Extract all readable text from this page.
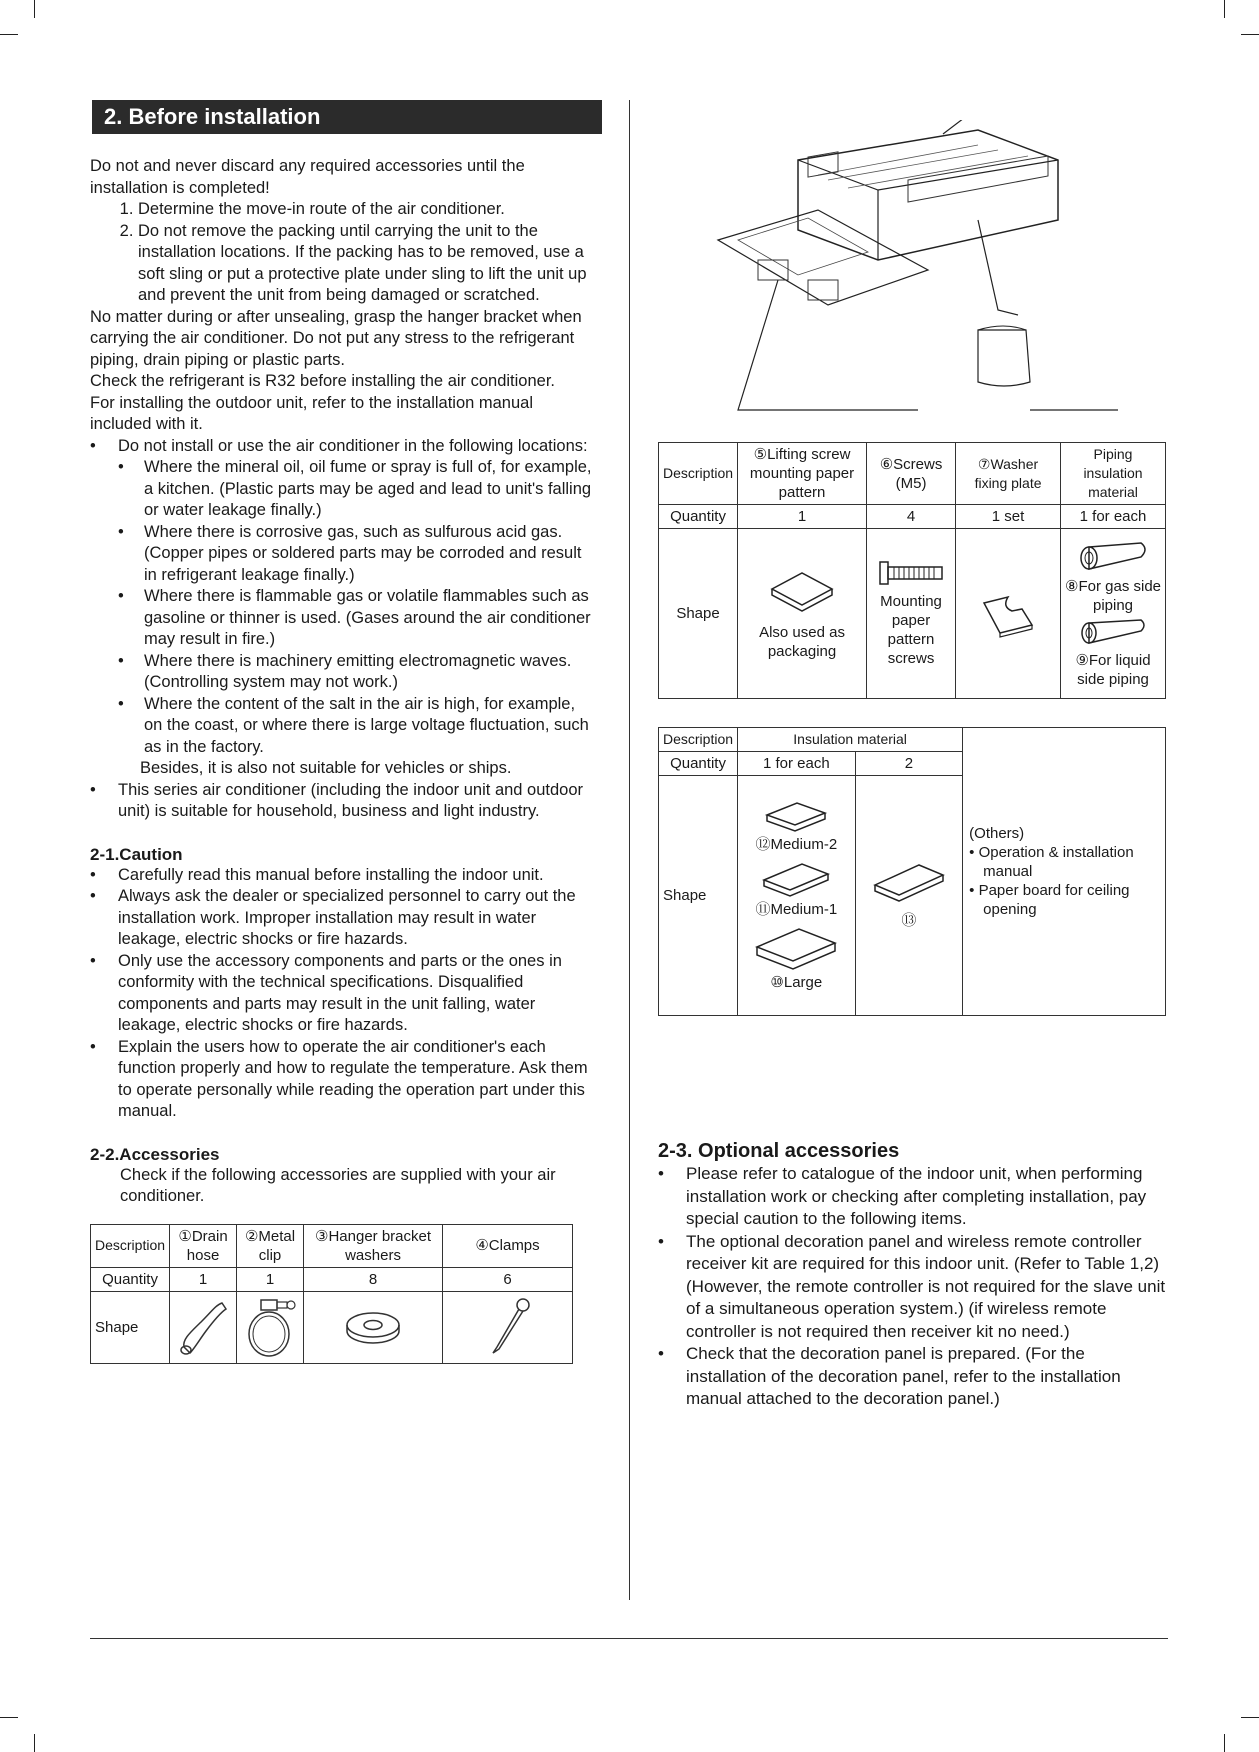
2. Before installation

Do not and never discard any required accessories until the installation is completed!

1. Determine the move-in route of the air conditioner.
2. Do not remove the packing until carrying the unit to the installation locations. If the packing has to be removed, use a soft sling or put a protective plate under sling to lift the unit up and prevent the unit from being damaged or scratched.

No matter during or after unsealing, grasp the hanger bracket when carrying the air conditioner. Do not put any stress to the refrigerant piping, drain piping or plastic parts.

Check the refrigerant is R32 before installing the air conditioner.

For installing the outdoor unit, refer to the installation manual included with it.

• Do not install or use the air conditioner in the following locations:
• Where the mineral oil, oil fume or spray is full of, for example, a kitchen. (Plastic parts may be aged and lead to unit's falling or water leakage finally.)
• Where there is corrosive gas, such as sulfurous acid gas. (Copper pipes or soldered parts may be corroded and result in refrigerant leakage finally.)
• Where there is flammable gas or volatile flammables such as gasoline or thinner is used. (Gases around the air conditioner may result in fire.)
• Where there is machinery emitting electromagnetic waves. (Controlling system may not work.)
• Where the content of the salt in the air is high, for example, on the coast, or where there is large voltage fluctuation, such as in the factory.
Besides, it is also not suitable for vehicles or ships.
• This series air conditioner (including the indoor unit and outdoor unit) is suitable for household, business and light industry.
2-1.Caution
• Carefully read this manual before installing the indoor unit.
• Always ask the dealer or specialized personnel to carry out the installation work. Improper installation may result in water leakage, electric shocks or fire hazards.
• Only use the accessory components and parts or the ones in conformity with the technical specifications. Disqualified components and parts may result in the unit falling, water leakage, electric shocks or fire hazards.
• Explain the users how to operate the air conditioner's each function properly and how to regulate the temperature. Ask them to operate personally while reading the operation part under this manual.
2-2.Accessories

Check if the following accessories are supplied with your air conditioner.

Description	①Drain hose	②Metal clip	③Hanger bracket washers	④Clamps
Quantity	1	1	8	6
Shape	

Description	⑤Lifting screw mounting paper pattern	⑥Screws (M5)	⑦Washer fixing plate	Piping insulation material
Quantity	1	4	1 set	1 for each
Shape	Also used as packaging	Mounting paper pattern screws		⑧For gas side piping
⑨For liquid side piping
Description	Insulation material		(Others)
• Operation & installation manual
• Paper board for ceiling opening

Quantity	1 for each	2	
Shape	⑫Medium-2
⑪Medium-1
⑩Large	⑬	
2-3. Optional accessories
• Please refer to catalogue of the indoor unit, when performing installation work or checking after completing installation, pay special caution to the following items.
• The optional decoration panel and wireless remote controller receiver kit are required for this indoor unit. (Refer to Table 1,2) (However, the remote controller is not required for the slave unit of a simultaneous operation system.) (if wireless remote controller is not required then receiver kit no need.)
• Check that the decoration panel is prepared. (For the installation of the decoration panel, refer to the installation manual attached to the decoration panel.)
